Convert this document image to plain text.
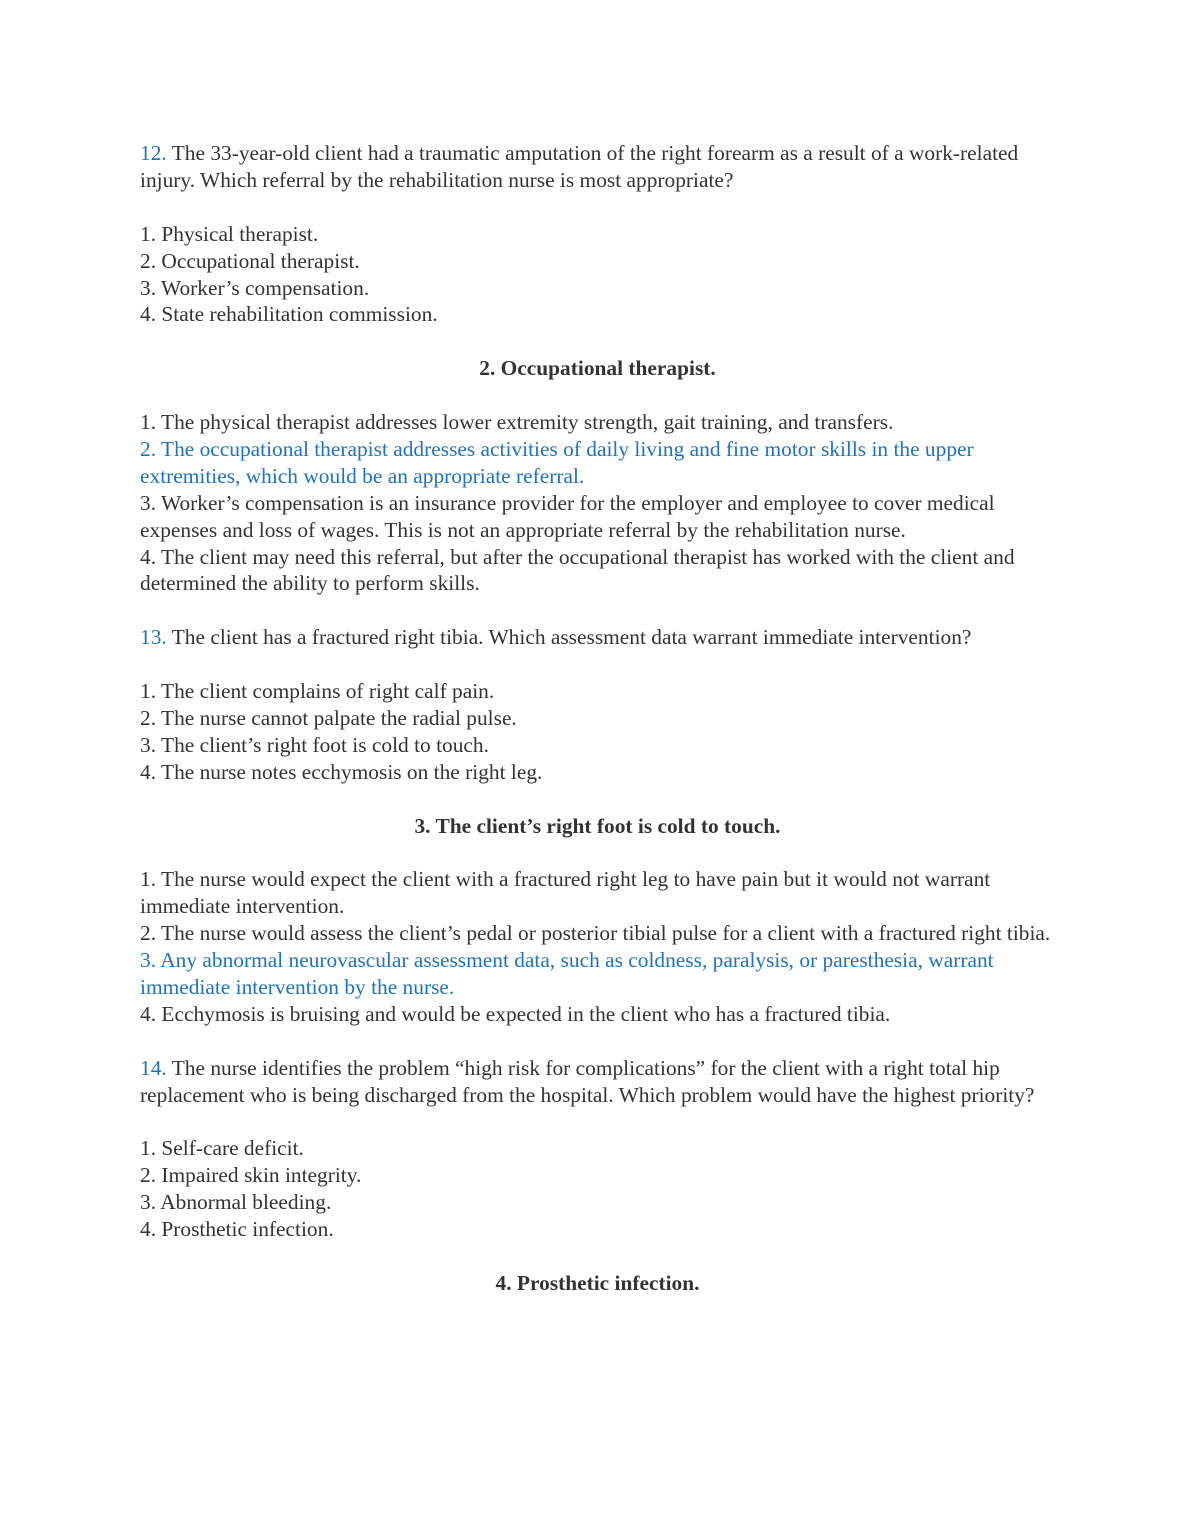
12. The 33-year-old client had a traumatic amputation of the right forearm as a result of a work-related injury. Which referral by the rehabilitation nurse is most appropriate?

1. Physical therapist.

2. Occupational therapist.

3. Worker’s compensation.

4. State rehabilitation commission.

2. Occupational therapist.

1. The physical therapist addresses lower extremity strength, gait training, and transfers.

2. The occupational therapist addresses activities of daily living and fine motor skills in the upper extremities, which would be an appropriate referral.

3. Worker’s compensation is an insurance provider for the employer and employee to cover medical expenses and loss of wages. This is not an appropriate referral by the rehabilitation nurse.

4. The client may need this referral, but after the occupational therapist has worked with the client and determined the ability to perform skills.

13. The client has a fractured right tibia. Which assessment data warrant immediate intervention?

1. The client complains of right calf pain.

2. The nurse cannot palpate the radial pulse.

3. The client’s right foot is cold to touch.

4. The nurse notes ecchymosis on the right leg.

3. The client’s right foot is cold to touch.

1. The nurse would expect the client with a fractured right leg to have pain but it would not warrant immediate intervention.

2. The nurse would assess the client’s pedal or posterior tibial pulse for a client with a fractured right tibia.

3. Any abnormal neurovascular assessment data, such as coldness, paralysis, or paresthesia, warrant immediate intervention by the nurse.

4. Ecchymosis is bruising and would be expected in the client who has a fractured tibia.

14. The nurse identifies the problem “high risk for complications” for the client with a right total hip replacement who is being discharged from the hospital. Which problem would have the highest priority?

1. Self-care deficit.

2. Impaired skin integrity.

3. Abnormal bleeding.

4. Prosthetic infection.

4. Prosthetic infection.
